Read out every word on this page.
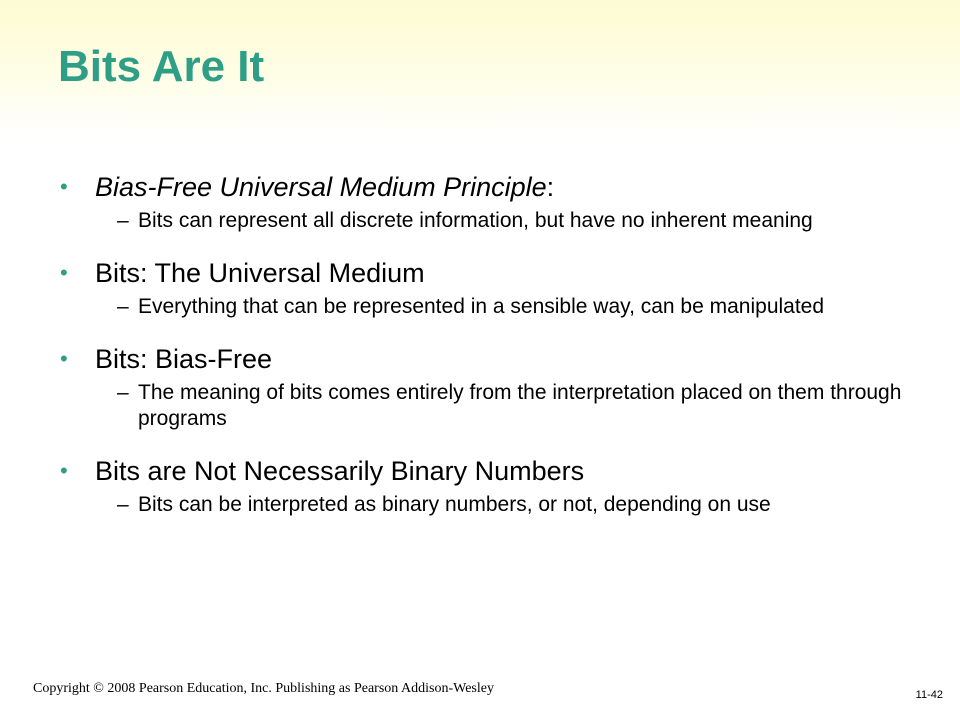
Bits Are It

• Bias-Free Universal Medium Principle:

– Bits can represent all discrete information, but have no inherent meaning

• Bits: The Universal Medium

– Everything that can be represented in a sensible way, can be manipulated

• Bits: Bias-Free

– The meaning of bits comes entirely from the interpretation placed on them through programs

• Bits are Not Necessarily Binary Numbers

– Bits can be interpreted as binary numbers, or not, depending on use

Copyright © 2008 Pearson Education, Inc. Publishing as Pearson Addison-Wesley	11-42
